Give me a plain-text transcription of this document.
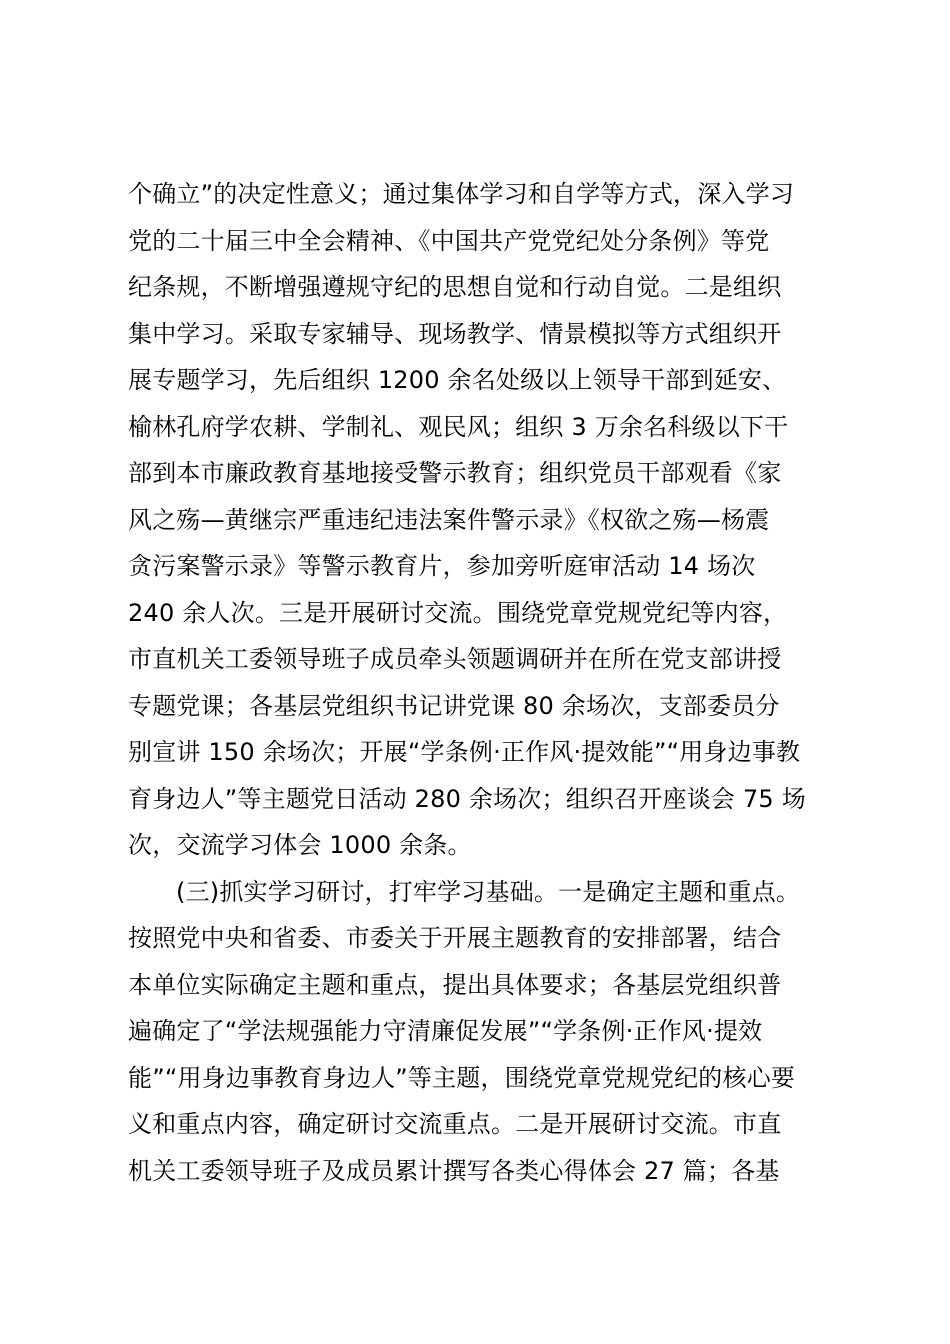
个确立”的决定性意义；通过集体学习和自学等方式，深入学习
党的二十届三中全会精神、《中国共产党党纪处分条例》等党
纪条规，不断增强遵规守纪的思想自觉和行动自觉。二是组织
集中学习。采取专家辅导、现场教学、情景模拟等方式组织开
展专题学习，先后组织 1200 余名处级以上领导干部到延安、
榆林孔府学农耕、学制礼、观民风；组织 3 万余名科级以下干
部到本市廉政教育基地接受警示教育；组织党员干部观看《家
风之殇—黄继宗严重违纪违法案件警示录》《权欲之殇—杨震
贪污案警示录》等警示教育片，参加旁听庭审活动 14 场次
240 余人次。三是开展研讨交流。围绕党章党规党纪等内容，
市直机关工委领导班子成员牵头领题调研并在所在党支部讲授
专题党课；各基层党组织书记讲党课 80 余场次，支部委员分
别宣讲 150 余场次；开展“学条例·正作风·提效能”“用身边事教
育身边人”等主题党日活动 280 余场次；组织召开座谈会 75 场
次，交流学习体会 1000 余条。
(三)抓实学习研讨，打牢学习基础。一是确定主题和重点。
按照党中央和省委、市委关于开展主题教育的安排部署，结合
本单位实际确定主题和重点，提出具体要求；各基层党组织普
遍确定了“学法规强能力守清廉促发展”“学条例·正作风·提效
能”“用身边事教育身边人”等主题，围绕党章党规党纪的核心要
义和重点内容，确定研讨交流重点。二是开展研讨交流。市直
机关工委领导班子及成员累计撰写各类心得体会 27 篇；各基
